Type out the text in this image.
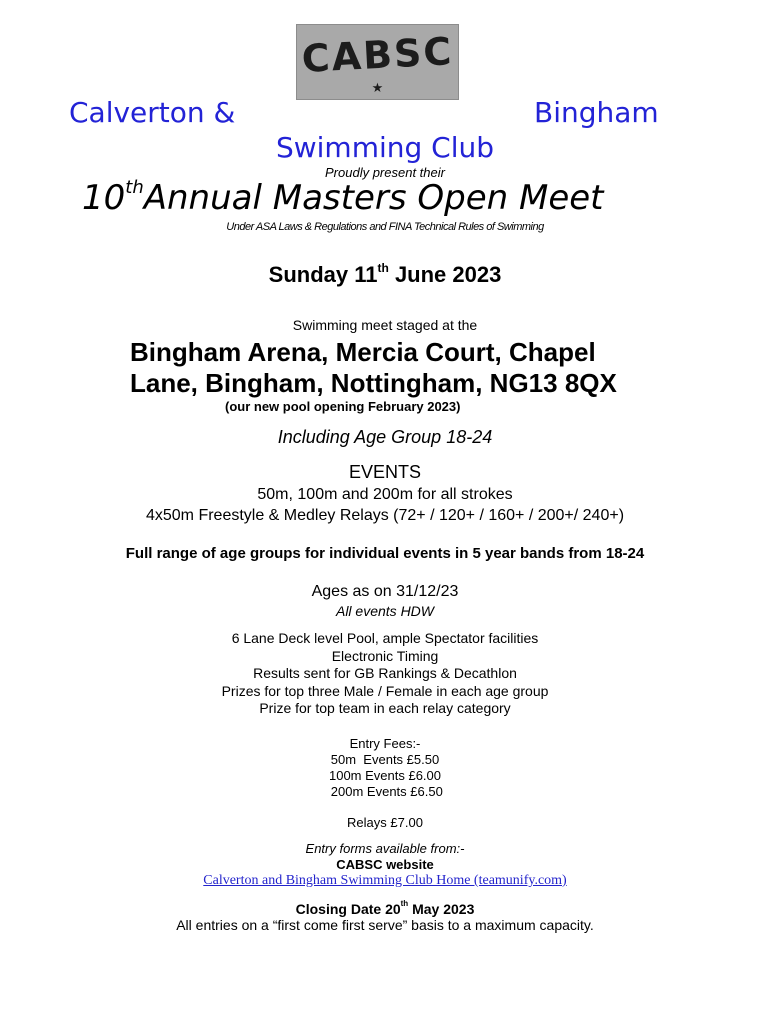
CABSC
★
Calverton &	Bingham
Swimming Club
Proudly present their
10thAnnual Masters Open Meet
Under ASA Laws & Regulations and FINA Technical Rules of Swimming
Sunday 11th June 2023
Swimming meet staged at the
Bingham Arena, Mercia Court, Chapel
Lane, Bingham, Nottingham, NG13 8QX
(our new pool opening February 2023)
Including Age Group 18-24
EVENTS
50m, 100m and 200m for all strokes
4x50m Freestyle & Medley Relays (72+ / 120+ / 160+ / 200+/ 240+)
Full range of age groups for individual events in 5 year bands from 18-24
Ages as on 31/12/23
All events HDW
6 Lane Deck level Pool, ample Spectator facilities
Electronic Timing
Results sent for GB Rankings & Decathlon
Prizes for top three Male / Female in each age group
Prize for top team in each relay category
Entry Fees:-
50m  Events £5.50
100m Events £6.00
200m Events £6.50
Relays £7.00
Entry forms available from:-
CABSC website
Calverton and Bingham Swimming Club Home (teamunify.com)
Closing Date 20th May 2023
All entries on a “first come first serve” basis to a maximum capacity.
